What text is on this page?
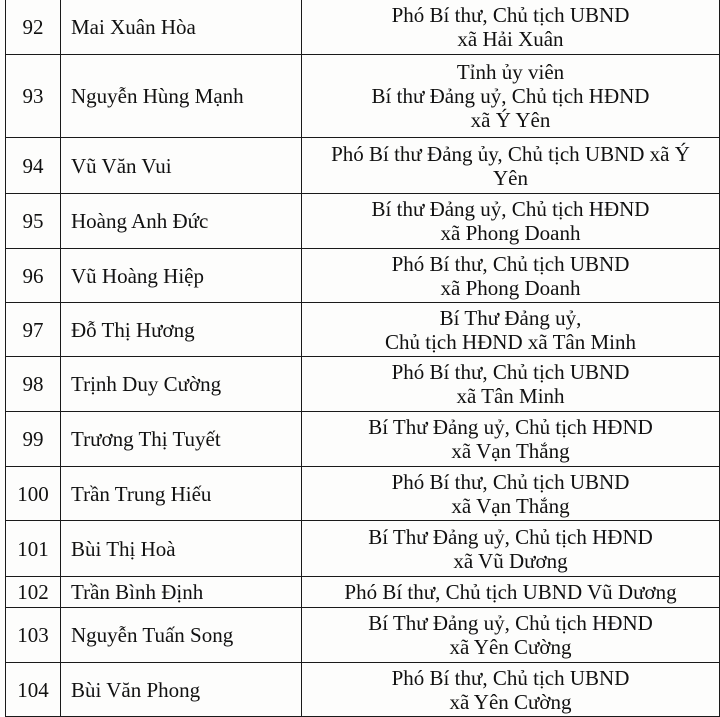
92	Mai Xuân Hòa	Phó Bí thư, Chủ tịch UBND
xã Hải Xuân

93	Nguyễn Hùng Mạnh	Tỉnh ủy viên
Bí thư Đảng uỷ, Chủ tịch HĐND
xã Ý Yên

94	Vũ Văn Vui	Phó Bí thư Đảng ủy, Chủ tịch UBND xã Ý
Yên

95	Hoàng Anh Đức	Bí thư Đảng uỷ, Chủ tịch HĐND
xã Phong Doanh

96	Vũ Hoàng Hiệp	Phó Bí thư, Chủ tịch UBND
xã Phong Doanh

97	Đỗ Thị Hương	Bí Thư Đảng uỷ,
Chủ tịch HĐND xã Tân Minh

98	Trịnh Duy Cường	Phó Bí thư, Chủ tịch UBND
xã Tân Minh

99	Trương Thị Tuyết	Bí Thư Đảng uỷ, Chủ tịch HĐND
xã Vạn Thắng

100	Trần Trung Hiếu	Phó Bí thư, Chủ tịch UBND
xã Vạn Thắng

101	Bùi Thị Hoà	Bí Thư Đảng uỷ, Chủ tịch HĐND
xã Vũ Dương

102	Trần Bình Định	Phó Bí thư, Chủ tịch UBND Vũ Dương

103	Nguyễn Tuấn Song	Bí Thư Đảng uỷ, Chủ tịch HĐND
xã Yên Cường

104	Bùi Văn Phong	Phó Bí thư, Chủ tịch UBND
xã Yên Cường
